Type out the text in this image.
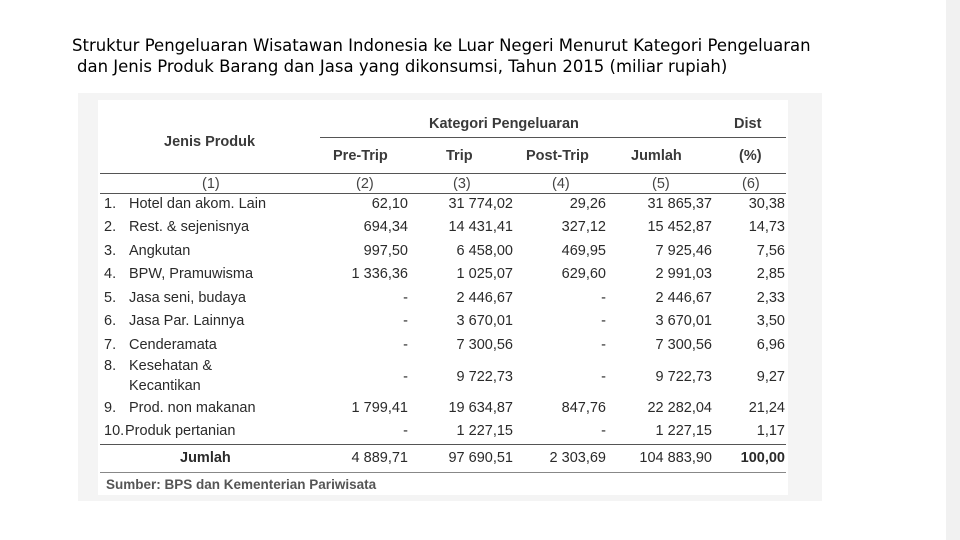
Struktur Pengeluaran Wisatawan Indonesia ke Luar Negeri Menurut Kategori Pengeluaran
dan Jenis Produk Barang dan Jasa yang dikonsumsi, Tahun 2015 (miliar rupiah)
Jenis Produk
Kategori Pengeluaran	Dist
Pre-Trip	Trip	Post-Trip	Jumlah	(%)
(1)	(2)	(3)	(4)	(5)	(6)
1. Hotel dan akom. Lain	62,10	31 774,02	29,26	31 865,37	30,38
2. Rest. & sejenisnya	694,34	14 431,41	327,12	15 452,87	14,73
3. Angkutan	997,50	6 458,00	469,95	7 925,46	7,56
4. BPW, Pramuwisma	1 336,36	1 025,07	629,60	2 991,03	2,85
5. Jasa seni, budaya	-	2 446,67	-	2 446,67	2,33
6. Jasa Par. Lainnya	-	3 670,01	-	3 670,01	3,50
7. Cenderamata	-	7 300,56	-	7 300,56	6,96
8. Kesehatan &
Kecantikan
-	9 722,73	-	9 722,73	9,27
9. Prod. non makanan	1 799,41	19 634,87	847,76	22 282,04	21,24
10. Produk pertanian	-	1 227,15	-	1 227,15	1,17
Jumlah	4 889,71	97 690,51	2 303,69	104 883,90	100,00
Sumber: BPS dan Kementerian Pariwisata
